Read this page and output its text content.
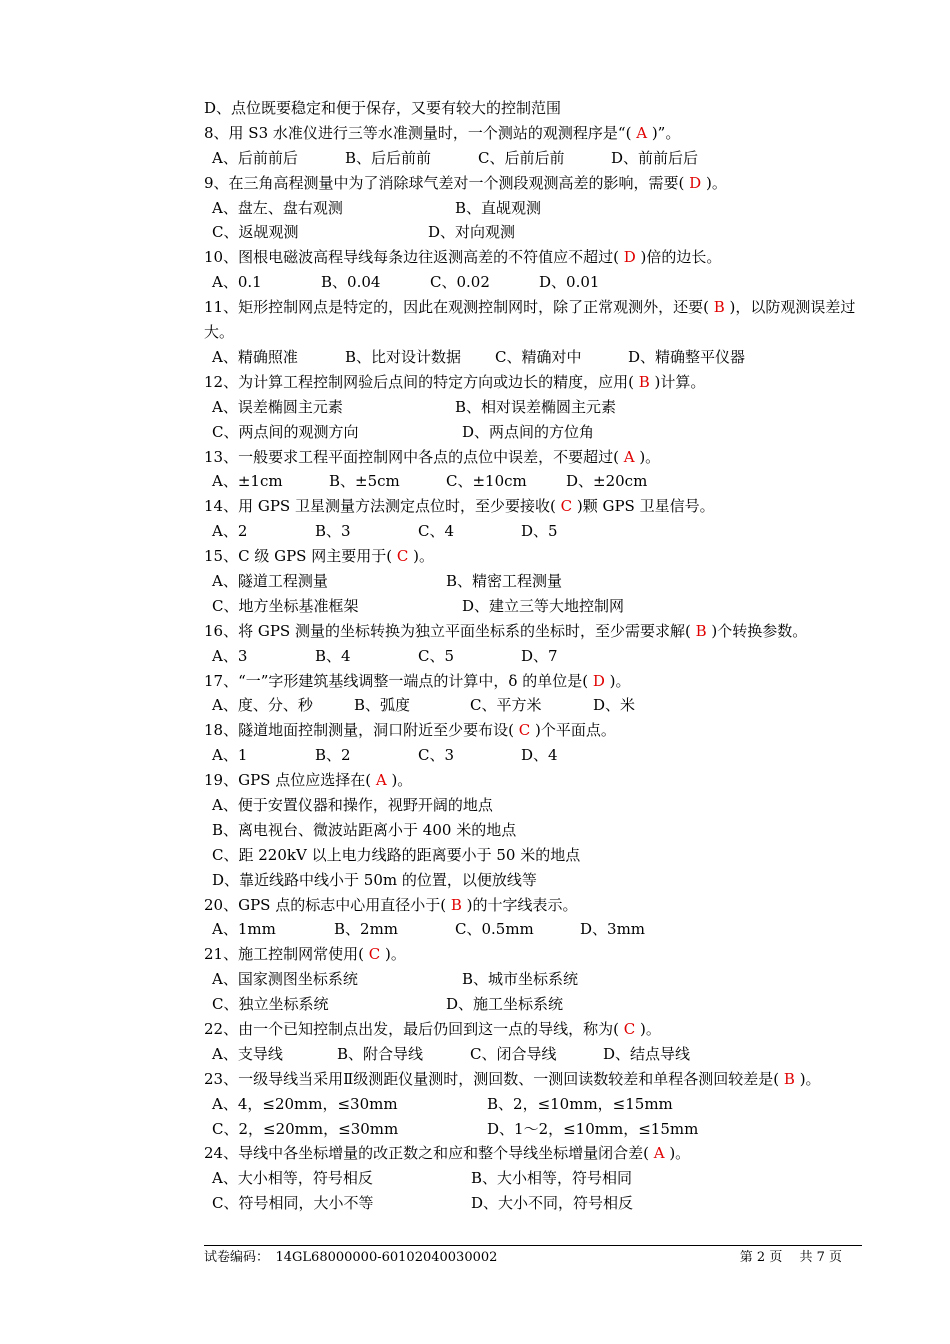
D、点位既要稳定和便于保存，又要有较大的控制范围
8、用 S3 水准仪进行三等水准测量时，一个测站的观测程序是“( A )”。
A、后前前后	B、后后前前	C、后前后前	D、前前后后
9、在三角高程测量中为了消除球气差对一个测段观测高差的影响，需要( D )。
A、盘左、盘右观测	B、直觇观测
C、返觇观测	D、对向观测
10、图根电磁波高程导线每条边往返测高差的不符值应不超过( D )倍的边长。
A、0.1	B、0.04	C、0.02	D、0.01
11、矩形控制网点是特定的，因此在观测控制网时，除了正常观测外，还要( B )，以防观测误差过大。
A、精确照准	B、比对设计数据 C、精确对中	D、精确整平仪器
12、为计算工程控制网验后点间的特定方向或边长的精度，应用( B )计算。
A、误差椭圆主元素	B、相对误差椭圆主元素
C、两点间的观测方向	D、两点间的方位角
13、一般要求工程平面控制网中各点的点位中误差，不要超过( A )。
A、±1cm	B、±5cm	C、±10cm	D、±20cm
14、用 GPS 卫星测量方法测定点位时，至少要接收( C )颗 GPS 卫星信号。
A、2	B、3	C、4	D、5
15、C 级 GPS 网主要用于( C )。
A、隧道工程测量	B、精密工程测量
C、地方坐标基准框架	D、建立三等大地控制网
16、将 GPS 测量的坐标转换为独立平面坐标系的坐标时，至少需要求解( B )个转换参数。
A、3	B、4	C、5	D、7
17、“一”字形建筑基线调整一端点的计算中，δ 的单位是( D )。
A、度、分、秒	B、弧度	C、平方米	D、米
18、隧道地面控制测量，洞口附近至少要布设( C )个平面点。
A、1	B、2	C、3	D、4
19、GPS 点位应选择在( A )。
A、便于安置仪器和操作，视野开阔的地点
B、离电视台、微波站距离小于 400 米的地点
C、距 220kV 以上电力线路的距离要小于 50 米的地点
D、靠近线路中线小于 50m 的位置，以便放线等
20、GPS 点的标志中心用直径小于( B )的十字线表示。
A、1mm	B、2mm	C、0.5mm	D、3mm
21、施工控制网常使用( C )。
A、国家测图坐标系统	B、城市坐标系统
C、独立坐标系统	D、施工坐标系统
22、由一个已知控制点出发，最后仍回到这一点的导线，称为( C )。
A、支导线	B、附合导线	C、闭合导线	D、结点导线
23、一级导线当采用Ⅱ级测距仪量测时，测回数、一测回读数较差和单程各测回较差是( B )。
A、4，≤20mm，≤30mm	B、2，≤10mm，≤15mm
C、2，≤20mm，≤30mm	D、1～2，≤10mm，≤15mm
24、导线中各坐标增量的改正数之和应和整个导线坐标增量闭合差( A )。
A、大小相等，符号相反	B、大小相等，符号相同
C、符号相同，大小不等	D、大小不同，符号相反
试卷编码：　14GL68000000-60102040030002	第 2 页　 共 7 页
